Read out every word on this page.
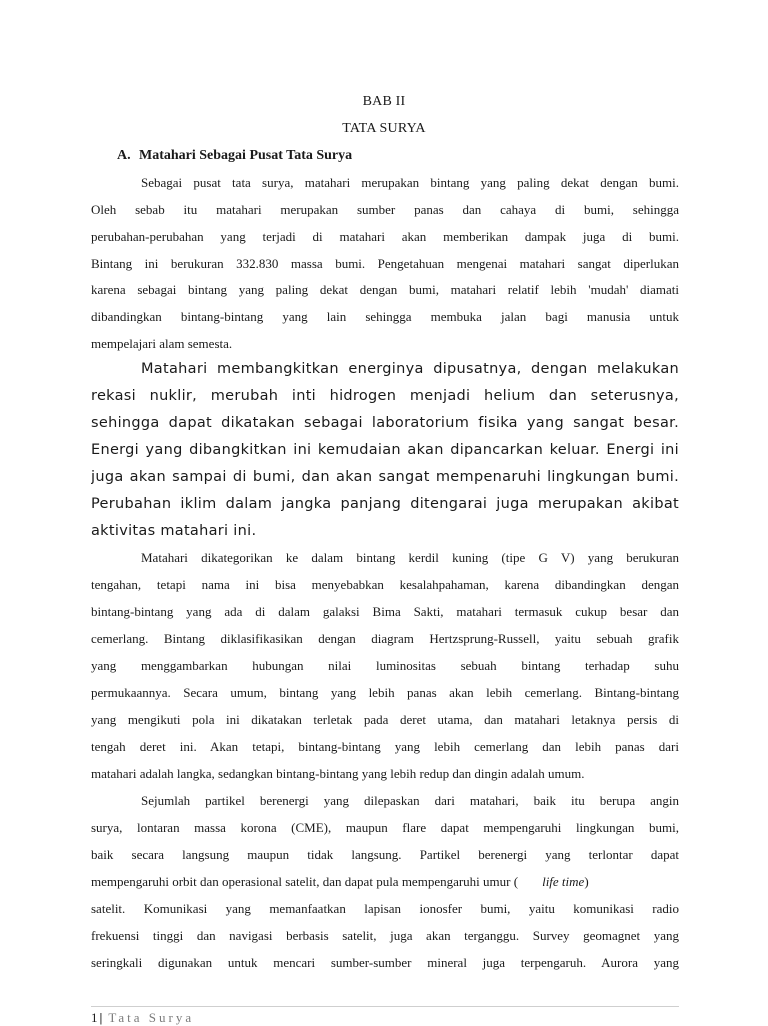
BAB II
TATA SURYA
A. Matahari Sebagai Pusat Tata Surya
Sebagai pusat tata surya, matahari merupakan bintang yang paling dekat dengan bumi.
Oleh sebab itu matahari merupakan sumber panas dan cahaya di bumi, sehingga
perubahan-perubahan yang terjadi di matahari akan memberikan dampak juga di bumi.
Bintang ini berukuran 332.830 massa bumi. Pengetahuan mengenai matahari sangat diperlukan
karena sebagai bintang yang paling dekat dengan bumi, matahari relatif lebih 'mudah' diamati
dibandingkan bintang-bintang yang lain sehingga membuka jalan bagi manusia untuk
mempelajari alam semesta.
Matahari membangkitkan energinya dipusatnya, dengan melakukan
rekasi nuklir, merubah inti hidrogen menjadi helium dan seterusnya,
sehingga dapat dikatakan sebagai laboratorium fisika yang sangat besar.
Energi yang dibangkitkan ini kemudaian akan dipancarkan keluar. Energi ini
juga akan sampai di bumi, dan akan sangat mempenaruhi lingkungan bumi.
Perubahan iklim dalam jangka panjang ditengarai juga merupakan akibat
aktivitas matahari ini.
Matahari dikategorikan ke dalam bintang kerdil kuning (tipe G V) yang berukuran
tengahan, tetapi nama ini bisa menyebabkan kesalahpahaman, karena dibandingkan dengan
bintang-bintang yang ada di dalam galaksi Bima Sakti, matahari termasuk cukup besar dan
cemerlang. Bintang diklasifikasikan dengan diagram Hertzsprung-Russell, yaitu sebuah grafik
yang menggambarkan hubungan nilai luminositas sebuah bintang terhadap suhu
permukaannya. Secara umum, bintang yang lebih panas akan lebih cemerlang. Bintang-bintang
yang mengikuti pola ini dikatakan terletak pada deret utama, dan matahari letaknya persis di
tengah deret ini. Akan tetapi, bintang-bintang yang lebih cemerlang dan lebih panas dari
matahari adalah langka, sedangkan bintang-bintang yang lebih redup dan dingin adalah umum.
Sejumlah partikel berenergi yang dilepaskan dari matahari, baik itu berupa angin
surya, lontaran massa korona (CME), maupun flare dapat mempengaruhi lingkungan bumi,
baik secara langsung maupun tidak langsung. Partikel berenergi yang terlontar dapat
mempengaruhi orbit dan operasional satelit, dan dapat pula mempengaruhi umur ( life time)
satelit. Komunikasi yang memanfaatkan lapisan ionosfer bumi, yaitu komunikasi radio
frekuensi tinggi dan navigasi berbasis satelit, juga akan terganggu. Survey geomagnet yang
seringkali digunakan untuk mencari sumber-sumber mineral juga terpengaruh. Aurora yang
1 | Tata Surya
